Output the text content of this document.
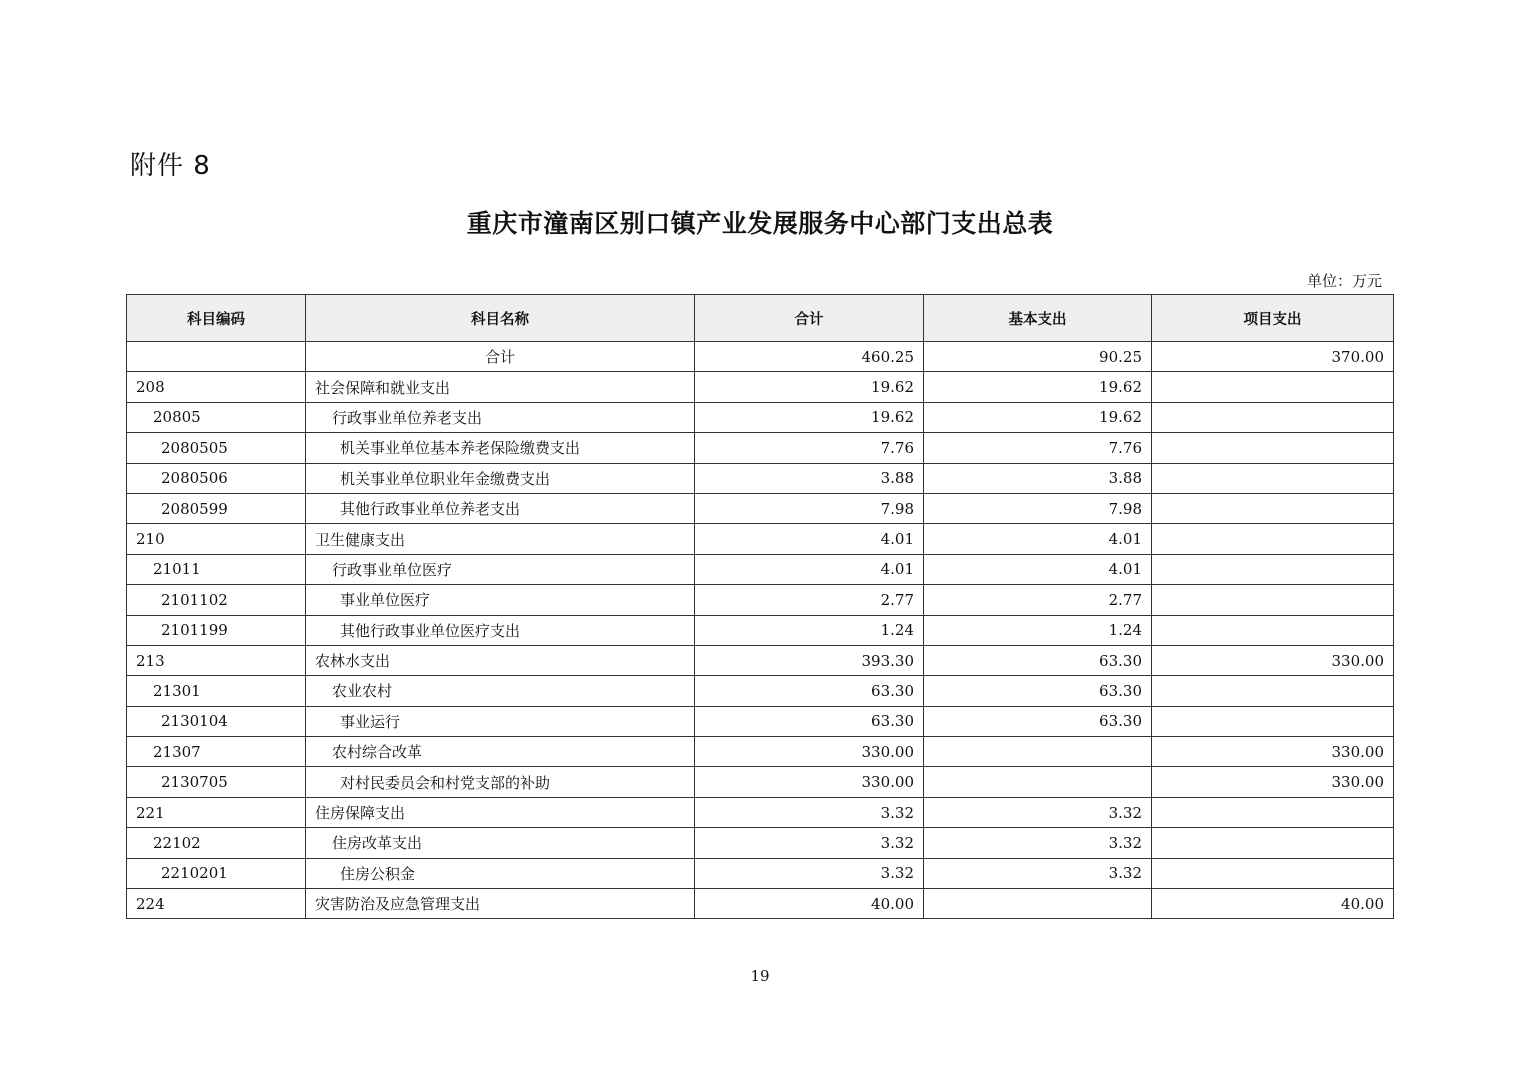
附件 8
重庆市潼南区别口镇产业发展服务中心部门支出总表
单位：万元
科目编码	科目名称	合计	基本支出	项目支出
	合计	460.25	90.25	370.00
208	社会保障和就业支出	19.62	19.62	
20805	行政事业单位养老支出	19.62	19.62	
2080505	机关事业单位基本养老保险缴费支出	7.76	7.76	
2080506	机关事业单位职业年金缴费支出	3.88	3.88	
2080599	其他行政事业单位养老支出	7.98	7.98	
210	卫生健康支出	4.01	4.01	
21011	行政事业单位医疗	4.01	4.01	
2101102	事业单位医疗	2.77	2.77	
2101199	其他行政事业单位医疗支出	1.24	1.24	
213	农林水支出	393.30	63.30	330.00
21301	农业农村	63.30	63.30	
2130104	事业运行	63.30	63.30	
21307	农村综合改革	330.00		330.00
2130705	对村民委员会和村党支部的补助	330.00		330.00
221	住房保障支出	3.32	3.32	
22102	住房改革支出	3.32	3.32	
2210201	住房公积金	3.32	3.32	
224	灾害防治及应急管理支出	40.00		40.00
19
